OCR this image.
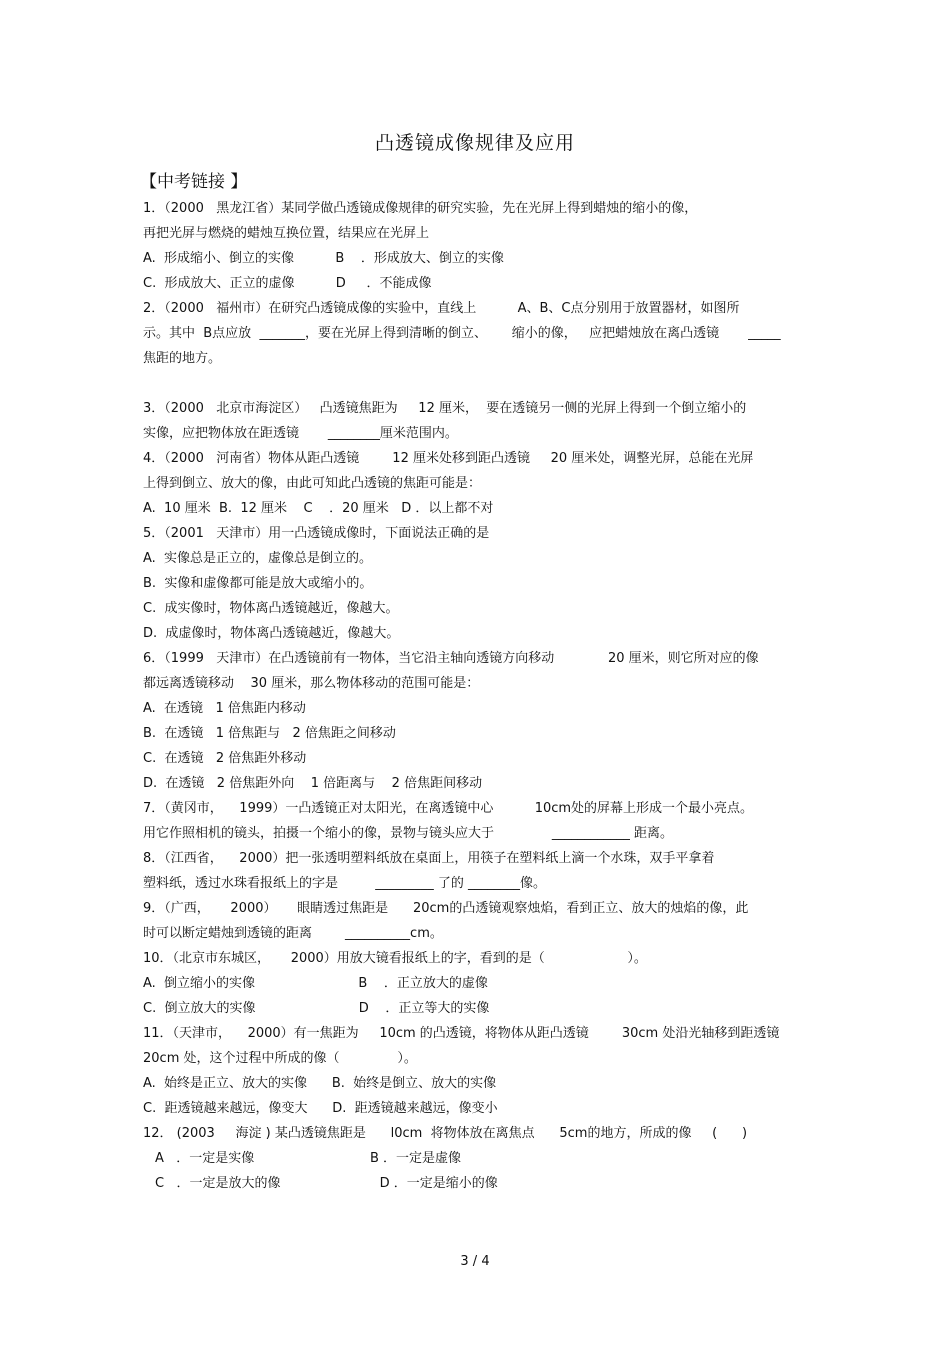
凸透镜成像规律及应用
【中考链接 】
1．（2000   黑龙江省）某同学做凸透镜成像规律的研究实验，先在光屏上得到蜡烛的缩小的像，
再把光屏与燃烧的蜡烛互换位置，结果应在光屏上
A.  形成缩小、倒立的实像          B    ．形成放大、倒立的实像
C.  形成放大、正立的虚像          D     ．不能成像
2．（2000   福州市）在研究凸透镜成像的实验中，直线上          A、B、C点分别用于放置器材，如图所
示。其中  B点应放  _______，要在光屏上得到清晰的倒立、      缩小的像，   应把蜡烛放在离凸透镜       _____
焦距的地方。
3．（2000   北京市海淀区）   凸透镜焦距为     12 厘米，  要在透镜另一侧的光屏上得到一个倒立缩小的
实像，应把物体放在距透镜       ________厘米范围内。
4．（2000   河南省）物体从距凸透镜        12 厘米处移到距凸透镜     20 厘米处，调整光屏，总能在光屏
上得到倒立、放大的像，由此可知此凸透镜的焦距可能是：
A.  10 厘米  B.  12 厘米    C    ．20 厘米   D ．以上都不对
5．（2001   天津市）用一凸透镜成像时，下面说法正确的是
A.  实像总是正立的，虚像总是倒立的。
B.  实像和虚像都可能是放大或缩小的。
C.  成实像时，物体离凸透镜越近，像越大。
D.  成虚像时，物体离凸透镜越近，像越大。
6．（1999   天津市）在凸透镜前有一物体，当它沿主轴向透镜方向移动             20 厘米，则它所对应的像
都远离透镜移动    30 厘米，那么物体移动的范围可能是：
A.  在透镜   1 倍焦距内移动
B.  在透镜   1 倍焦距与   2 倍焦距之间移动
C.  在透镜   2 倍焦距外移动
D.  在透镜   2 倍焦距外向    1 倍距离与    2 倍焦距间移动
7．（黄冈市，    1999）一凸透镜正对太阳光，在离透镜中心          10cm处的屏幕上形成一个最小亮点。
用它作照相机的镜头，拍摄一个缩小的像，景物与镜头应大于              ____________ 距离。
8．（江西省，    2000）把一张透明塑料纸放在桌面上，用筷子在塑料纸上滴一个水珠，双手平拿着
塑料纸，透过水珠看报纸上的字是         _________ 了的 ________像。
9．（广西，     2000）     眼睛透过焦距是      20cm的凸透镜观察烛焰，看到正立、放大的烛焰的像，此
时可以断定蜡烛到透镜的距离        __________cm。
10．（北京市东城区，     2000）用放大镜看报纸上的字，看到的是（                    ）。
A.  倒立缩小的实像                         B    ．正立放大的虚像
C.  倒立放大的实像                         D    ．正立等大的实像
11．（天津市，    2000）有一焦距为     10cm 的凸透镜，将物体从距凸透镜        30cm 处沿光轴移到距透镜
20cm 处，这个过程中所成的像（              ）。
A.  始终是正立、放大的实像      B.  始终是倒立、放大的实像
C.  距透镜越来越远，像变大      D.  距透镜越来越远，像变小
12． (2003     海淀 ) 某凸透镜焦距是      l0cm  将物体放在离焦点      5cm的地方，所成的像     (      )
A   ．一定是实像                            B ．一定是虚像
C   ．一定是放大的像                        D ．一定是缩小的像
3 / 4
